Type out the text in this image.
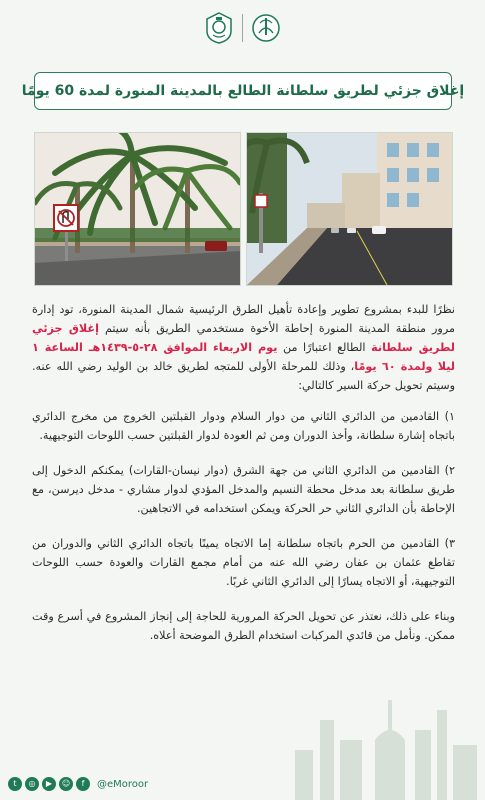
إغلاق جزئي لطريق سلطانة الطالع بالمدينة المنورة لمدة 60 يومًا

نظرًا للبدء بمشروع تطوير وإعادة تأهيل الطرق الرئيسية شمال المدينة المنورة، تود إدارة مرور منطقة المدينة المنورة إحاطة الأخوة مستخدمي الطريق بأنه سيتم إغلاق جزئي لطريق سلطانة الطالع اعتبارًا من يوم الاربعاء الموافق ٢٨-٥-١٤٣٩هـ الساعة ١ ليلا ولمدة ٦٠ يومًا، وذلك للمرحلة الأولى للمتجه لطريق خالد بن الوليد رضي الله عنه. وسيتم تحويل حركة السير كالتالي:

١) القادمين من الدائري الثاني من دوار السلام ودوار القبلتين الخروج من مخرج الدائري باتجاه إشارة سلطانة، وأخذ الدوران ومن ثم العودة لدوار القبلتين حسب اللوحات التوجيهية.

٢) القادمين من الدائري الثاني من جهة الشرق (دوار نيسان-القارات) يمكنكم الدخول إلى طريق سلطانة بعد مدخل محطة النسيم والمدخل المؤدي لدوار مشاري - مدخل ديرسن، مع الإحاطة بأن الدائري الثاني حر الحركة ويمكن استخدامه في الاتجاهين.

٣) القادمين من الحرم باتجاه سلطانة إما الاتجاه يمينًا باتجاه الدائري الثاني والدوران من تقاطع عثمان بن عفان رضي الله عنه من أمام مجمع القارات والعودة حسب اللوحات التوجيهية، أو الاتجاه يسارًا إلى الدائري الثاني غربًا.

وبناء على ذلك، نعتذر عن تحويل الحركة المرورية للحاجة إلى إنجاز المشروع في أسرع وقت ممكن. ونأمل من قائدي المركبات استخدام الطرق الموضحة أعلاه.

t	◎	▶	☺	f	@eMoroor
